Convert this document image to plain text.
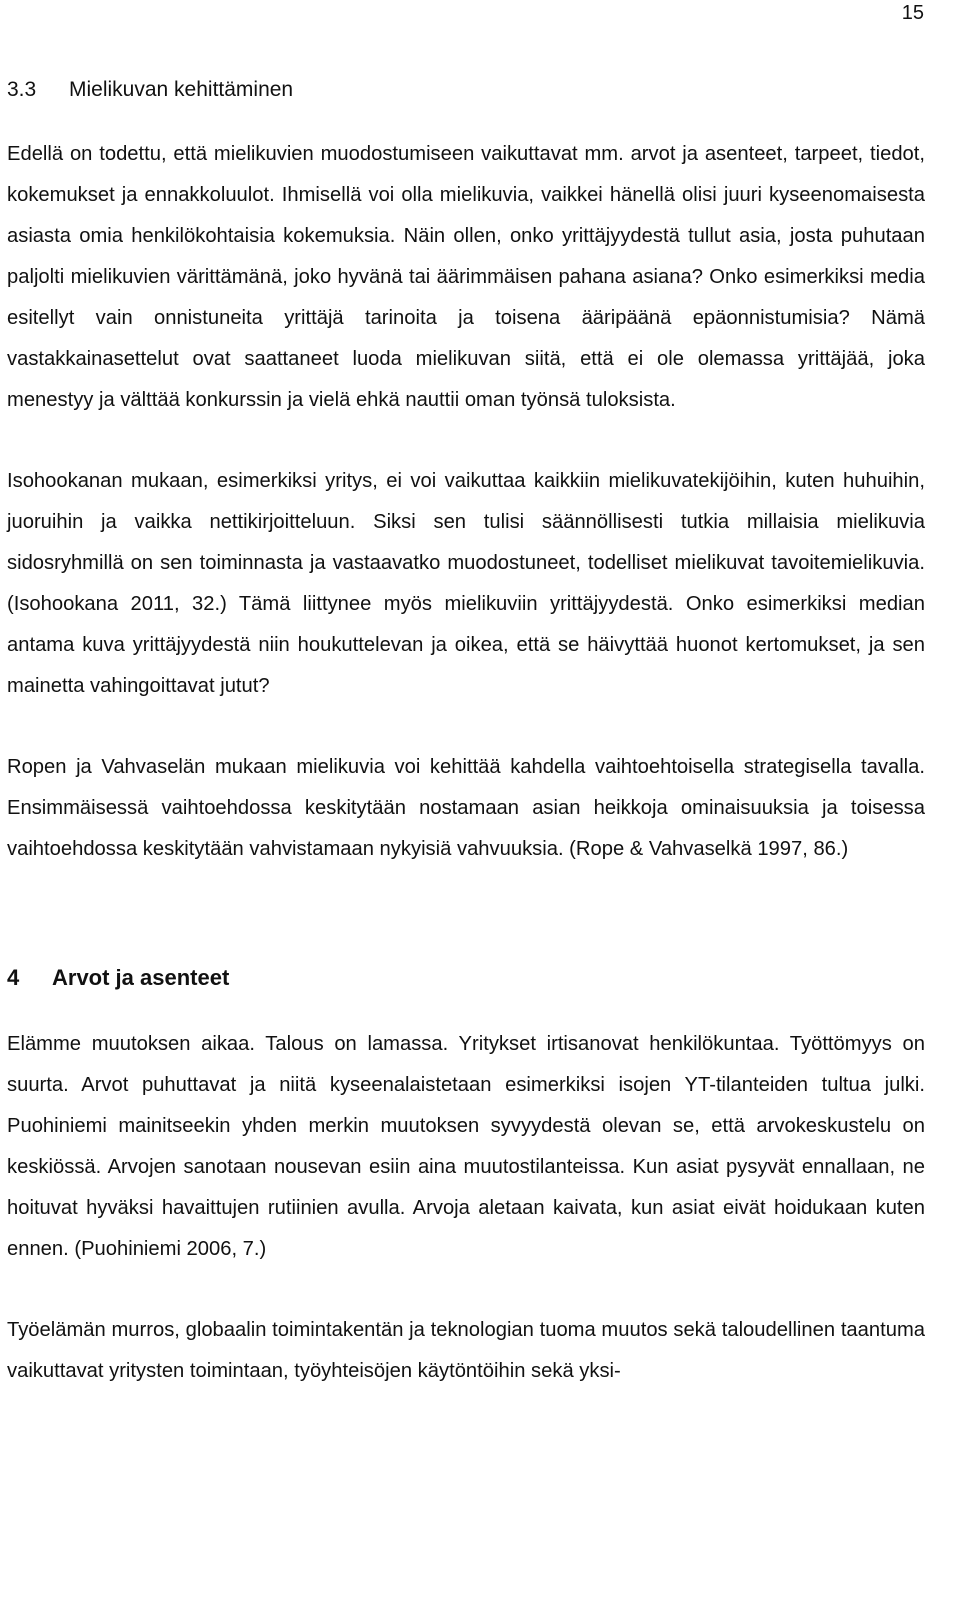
15
3.3	Mielikuvan kehittäminen

Edellä on todettu, että mielikuvien muodostumiseen vaikuttavat mm. arvot ja asenteet, tarpeet, tiedot, kokemukset ja ennakkoluulot. Ihmisellä voi olla mielikuvia, vaikkei hänellä olisi juuri kyseenomaisesta asiasta omia henkilökohtaisia kokemuksia. Näin ollen, onko yrittäjyydestä tullut asia, josta puhutaan paljolti mielikuvien värittämänä, joko hyvänä tai äärimmäisen pahana asiana? Onko esimerkiksi media esitellyt vain onnistuneita yrittäjä tarinoita ja toisena ääripäänä epäonnistumisia? Nämä vastakkainasettelut ovat saattaneet luoda mielikuvan siitä, että ei ole olemassa yrittäjää, joka menestyy ja välttää konkurssin ja vielä ehkä nauttii oman työnsä tuloksista.

Isohookanan mukaan, esimerkiksi yritys, ei voi vaikuttaa kaikkiin mielikuvatekijöihin, kuten huhuihin, juoruihin ja vaikka nettikirjoitteluun. Siksi sen tulisi säännöllisesti tutkia millaisia mielikuvia sidosryhmillä on sen toiminnasta ja vastaavatko muodostuneet, todelliset mielikuvat tavoitemielikuvia. (Isohookana 2011, 32.) Tämä liittynee myös mielikuviin yrittäjyydestä. Onko esimerkiksi median antama kuva yrittäjyydestä niin houkuttelevan ja oikea, että se häivyttää huonot kertomukset, ja sen mainetta vahingoittavat jutut?

Ropen ja Vahvaselän mukaan mielikuvia voi kehittää kahdella vaihtoehtoisella strategisella tavalla. Ensimmäisessä vaihtoehdossa keskitytään nostamaan asian heikkoja ominaisuuksia ja toisessa vaihtoehdossa keskitytään vahvistamaan nykyisiä vahvuuksia. (Rope & Vahvaselkä 1997, 86.)

4	Arvot ja asenteet

Elämme muutoksen aikaa. Talous on lamassa. Yritykset irtisanovat henkilökuntaa. Työttömyys on suurta. Arvot puhuttavat ja niitä kyseenalaistetaan esimerkiksi isojen YT-tilanteiden tultua julki. Puohiniemi mainitseekin yhden merkin muutoksen syvyydestä olevan se, että arvokeskustelu on keskiössä. Arvojen sanotaan nousevan esiin aina muutostilanteissa. Kun asiat pysyvät ennallaan, ne hoituvat hyväksi havaittujen rutiinien avulla. Arvoja aletaan kaivata, kun asiat eivät hoidukaan kuten ennen. (Puohiniemi 2006, 7.)

Työelämän murros, globaalin toimintakentän ja teknologian tuoma muutos sekä taloudellinen taantuma vaikuttavat yritysten toimintaan, työyhteisöjen käytöntöihin sekä yksi-
